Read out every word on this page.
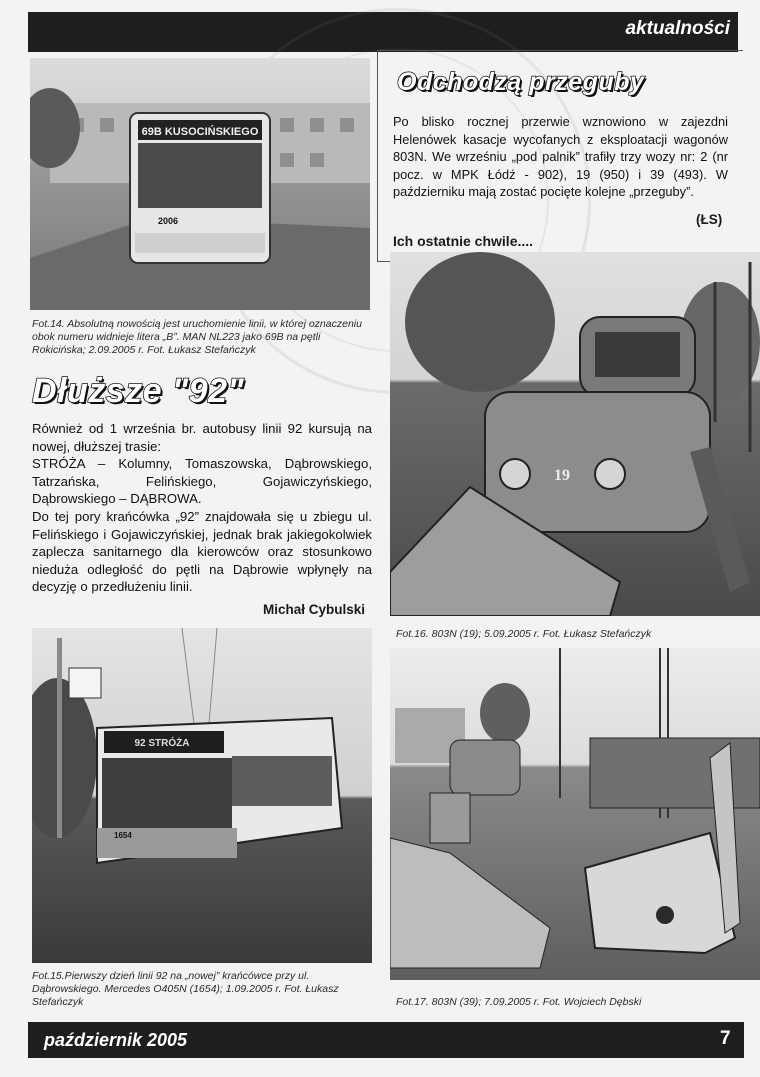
aktualności
69B KUSOCIŃSKIEGO
2006
Fot.14. Absolutną nowością jest uruchomienie linii, w której oznaczeniu obok numeru widnieje litera „B”. MAN NL223 jako 69B na pętli Rokicińska; 2.09.2005 r. Fot. Łukasz Stefańczyk
Dłuższe "92"

Również od 1 września br. autobusy linii 92 kursują na nowej, dłuższej trasie:

STRÓŻA – Kolumny, Tomaszowska, Dąbrowskiego, Tatrzańska, Felińskiego, Gojawiczyńskiego, Dąbrowskiego – DĄBROWA.

Do tej pory krańcówka „92” znajdowała się u zbiegu ul. Felińskiego i Gojawiczyńskiej, jednak brak jakiegokolwiek zaplecza sanitarnego dla kierowców oraz stosunkowo nieduża odległość do pętli na Dąbrowie wpłynęły na decyzję o przedłużeniu linii.

Michał Cybulski
92 STRÓŻA
1654
Fot.15.Pierwszy dzień linii 92 na „nowej” krańcówce przy ul. Dąbrowskiego. Mercedes O405N (1654); 1.09.2005 r. Fot. Łukasz Stefańczyk
Odchodzą przeguby
Po blisko rocznej przerwie wznowiono w zajezdni Helenówek kasacje wycofanych z eksploatacji wagonów 803N. We wrześniu „pod palnik” trafiły trzy wozy nr: 2 (nr pocz. w MPK Łódź - 902), 19 (950) i 39 (493). W październiku mają zostać pocięte kolejne „przeguby”.
(ŁS)
Ich ostatnie chwile....
19
Fot.16. 803N (19); 5.09.2005 r. Fot. Łukasz Stefańczyk
Fot.17. 803N (39); 7.09.2005 r. Fot. Wojciech Dębski
październik 2005	7
